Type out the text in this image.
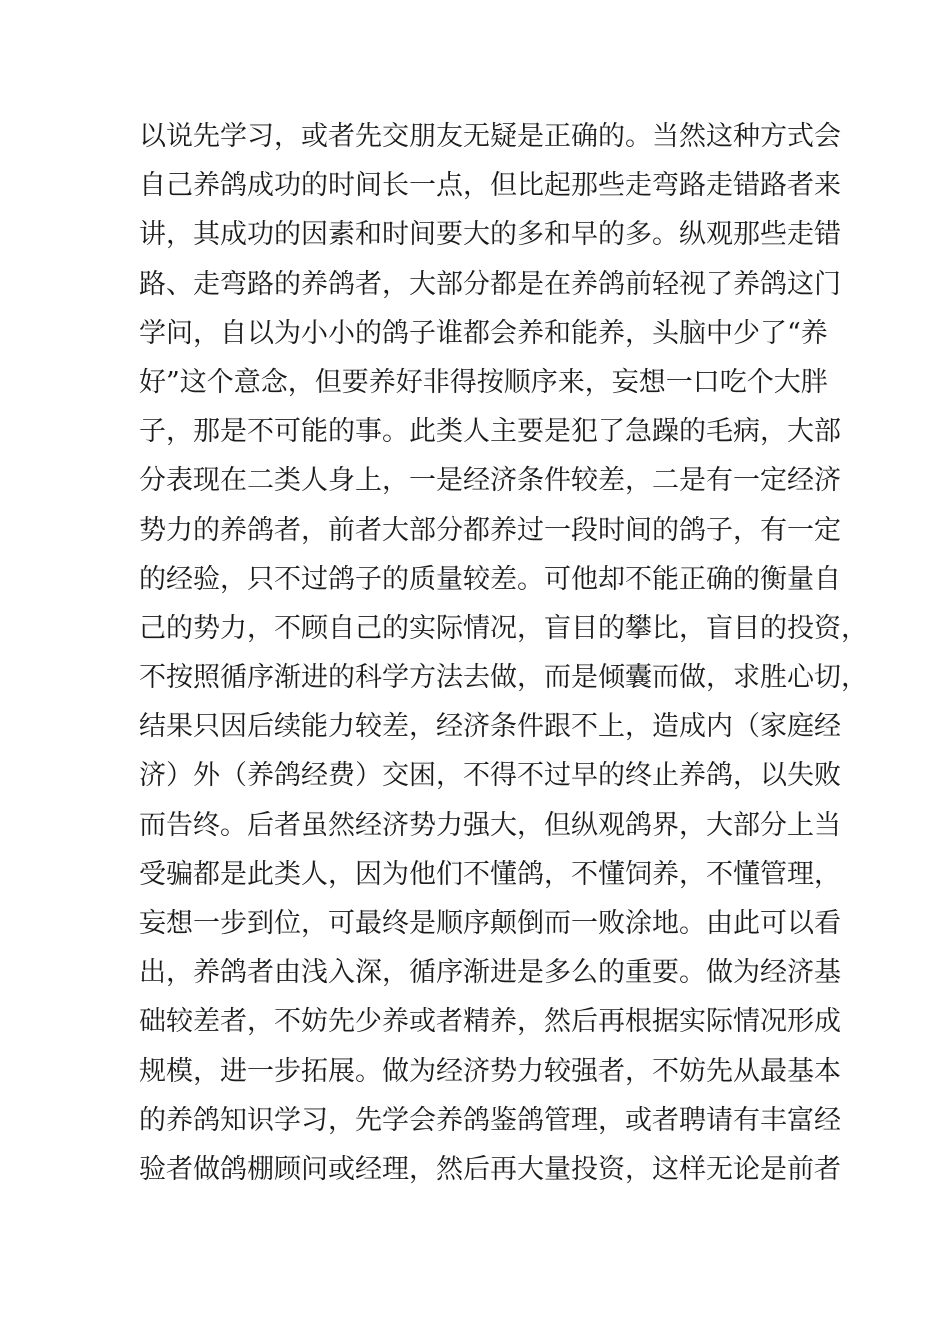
以说先学习，或者先交朋友无疑是正确的。当然这种方式会
自己养鸽成功的时间长一点，但比起那些走弯路走错路者来
讲，其成功的因素和时间要大的多和早的多。纵观那些走错
路、走弯路的养鸽者，大部分都是在养鸽前轻视了养鸽这门
学问，自以为小小的鸽子谁都会养和能养，头脑中少了“养
好”这个意念，但要养好非得按顺序来，妄想一口吃个大胖
子，那是不可能的事。此类人主要是犯了急躁的毛病，大部
分表现在二类人身上，一是经济条件较差，二是有一定经济
势力的养鸽者，前者大部分都养过一段时间的鸽子，有一定
的经验，只不过鸽子的质量较差。可他却不能正确的衡量自
己的势力，不顾自己的实际情况，盲目的攀比，盲目的投资，
不按照循序渐进的科学方法去做，而是倾囊而做，求胜心切，
结果只因后续能力较差，经济条件跟不上，造成内（家庭经
济）外（养鸽经费）交困，不得不过早的终止养鸽，以失败
而告终。后者虽然经济势力强大，但纵观鸽界，大部分上当
受骗都是此类人，因为他们不懂鸽，不懂饲养，不懂管理，
妄想一步到位，可最终是顺序颠倒而一败涂地。由此可以看
出，养鸽者由浅入深，循序渐进是多么的重要。做为经济基
础较差者，不妨先少养或者精养，然后再根据实际情况形成
规模，进一步拓展。做为经济势力较强者，不妨先从最基本
的养鸽知识学习，先学会养鸽鉴鸽管理，或者聘请有丰富经
验者做鸽棚顾问或经理，然后再大量投资，这样无论是前者
